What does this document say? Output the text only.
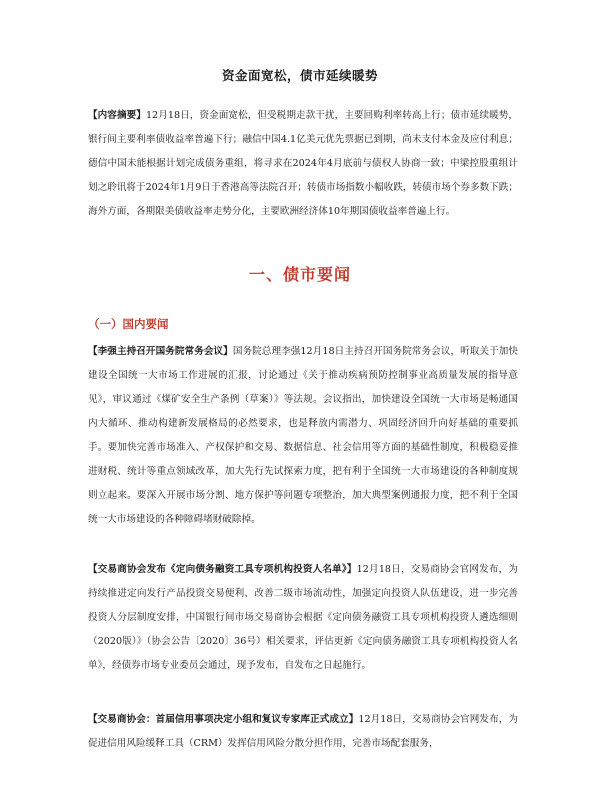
资金面宽松，债市延续暖势
【内容摘要】12月18日，资金面宽松，但受税期走款干扰，主要回购利率转高上行；债市延续暖势，银行间主要利率债收益率普遍下行；融信中国4.1亿美元优先票据已到期，尚未支付本金及应付利息；德信中国未能根据计划完成债务重组，将寻求在2024年4月底前与债权人协商一致；中梁控股重组计划之聆讯将于2024年1月9日于香港高等法院召开；转债市场指数小幅收跌，转债市场个券多数下跌；海外方面，各期限美债收益率走势分化，主要欧洲经济体10年期国债收益率普遍上行。
一、债市要闻
（一）国内要闻
【李强主持召开国务院常务会议】国务院总理李强12月18日主持召开国务院常务会议，听取关于加快建设全国统一大市场工作进展的汇报，讨论通过《关于推动疾病预防控制事业高质量发展的指导意见》，审议通过《煤矿安全生产条例（草案）》等法规。会议指出，加快建设全国统一大市场是畅通国内大循环、推动构建新发展格局的必然要求，也是释放内需潜力、巩固经济回升向好基础的重要抓手。要加快完善市场准入、产权保护和交易、数据信息、社会信用等方面的基础性制度，积极稳妥推进财税、统计等重点领域改革，加大先行先试探索力度，把有利于全国统一大市场建设的各种制度规则立起来。要深入开展市场分割、地方保护等问题专项整治，加大典型案例通报力度，把不利于全国统一大市场建设的各种障碍堵财破除掉。
【交易商协会发布《定向债务融资工具专项机构投资人名单》】12月18日，交易商协会官网发布，为持续推进定向发行产品投资交易便利、改善二级市场流动性，加强定向投资人队伍建设，进一步完善投资人分层制度安排，中国银行间市场交易商协会根据《定向债务融资工具专项机构投资人遴选细则（2020版）》（协会公告〔2020〕36号）相关要求，评估更新《定向债务融资工具专项机构投资人名单》，经债券市场专业委员会通过，现予发布，自发布之日起施行。
【交易商协会：首届信用事项决定小组和复议专家库正式成立】12月18日，交易商协会官网发布，为促进信用风险缓释工具（CRM）发挥信用风险分散分担作用，完善市场配套服务，
